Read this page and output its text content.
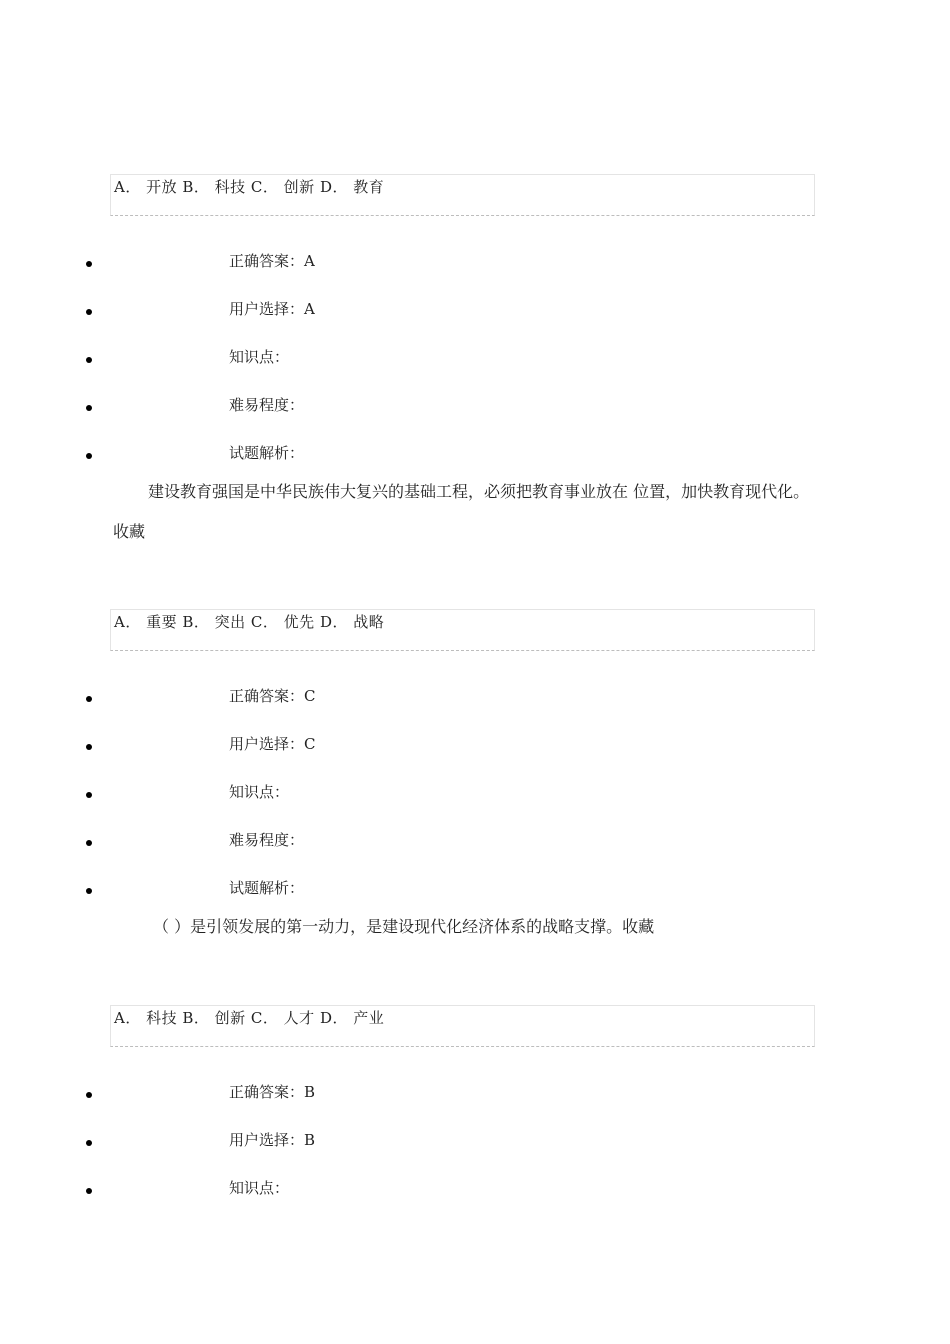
A． 开放 B． 科技 C． 创新 D． 教育
正确答案：A
用户选择：A
知识点：
难易程度：
试题解析：
建设教育强国是中华民族伟大复兴的基础工程，必须把教育事业放在 位置，加快教育现代化。
收藏
A． 重要 B． 突出 C． 优先 D． 战略
正确答案：C
用户选择：C
知识点：
难易程度：
试题解析：
（ ）是引领发展的第一动力，是建设现代化经济体系的战略支撑。收藏
A． 科技 B． 创新 C． 人才 D． 产业
正确答案：B
用户选择：B
知识点：
